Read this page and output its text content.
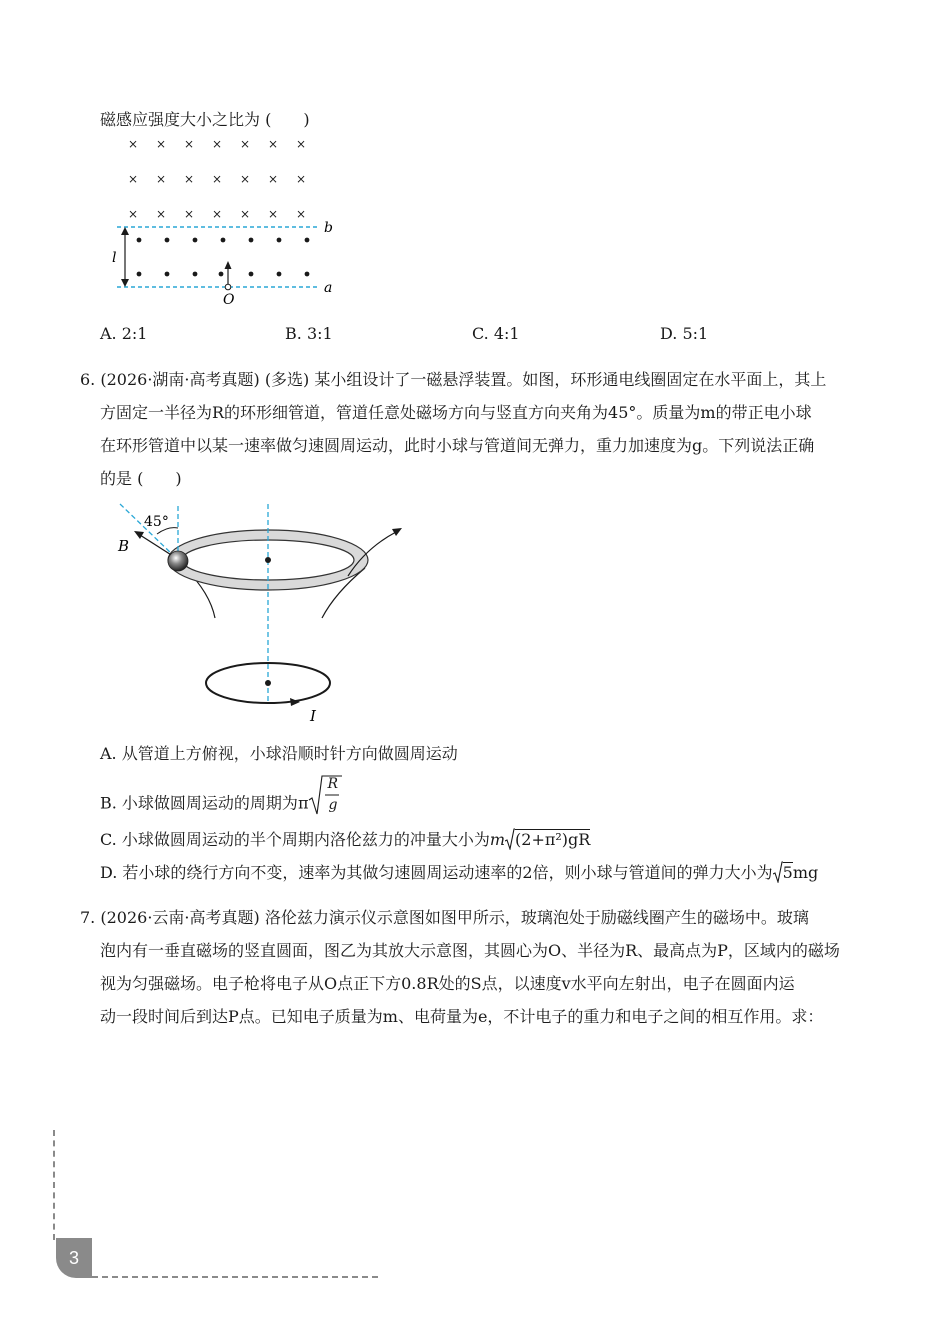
磁感应强度大小之比为 (　　)
× × × × × × ×
× × × × × × ×
× × × × × × ×
b
a
l
O
A. 2:1	B. 3:1	C. 4:1	D. 5:1
6. (2026·湖南·高考真题) (多选) 某小组设计了一磁悬浮装置。如图，环形通电线圈固定在水平面上，其上
方固定一半径为R的环形细管道，管道任意处磁场方向与竖直方向夹角为45°。质量为m的带正电小球
在环形管道中以某一速率做匀速圆周运动，此时小球与管道间无弹力，重力加速度为g。下列说法正确
的是 (　　)
45°
B
I
A. 从管道上方俯视，小球沿顺时针方向做圆周运动
B. 小球做圆周运动的周期为π
R
g
C. 小球做圆周运动的半个周期内洛伦兹力的冲量大小为m (2+π²)gR
D. 若小球的绕行方向不变，速率为其做匀速圆周运动速率的2倍，则小球与管道间的弹力大小为 5mg
7. (2026·云南·高考真题) 洛伦兹力演示仪示意图如图甲所示，玻璃泡处于励磁线圈产生的磁场中。玻璃
泡内有一垂直磁场的竖直圆面，图乙为其放大示意图，其圆心为O、半径为R、最高点为P，区域内的磁场
视为匀强磁场。电子枪将电子从O点正下方0.8R处的S点，以速度v水平向左射出，电子在圆面内运
动一段时间后到达P点。已知电子质量为m、电荷量为e，不计电子的重力和电子之间的相互作用。求：
3
